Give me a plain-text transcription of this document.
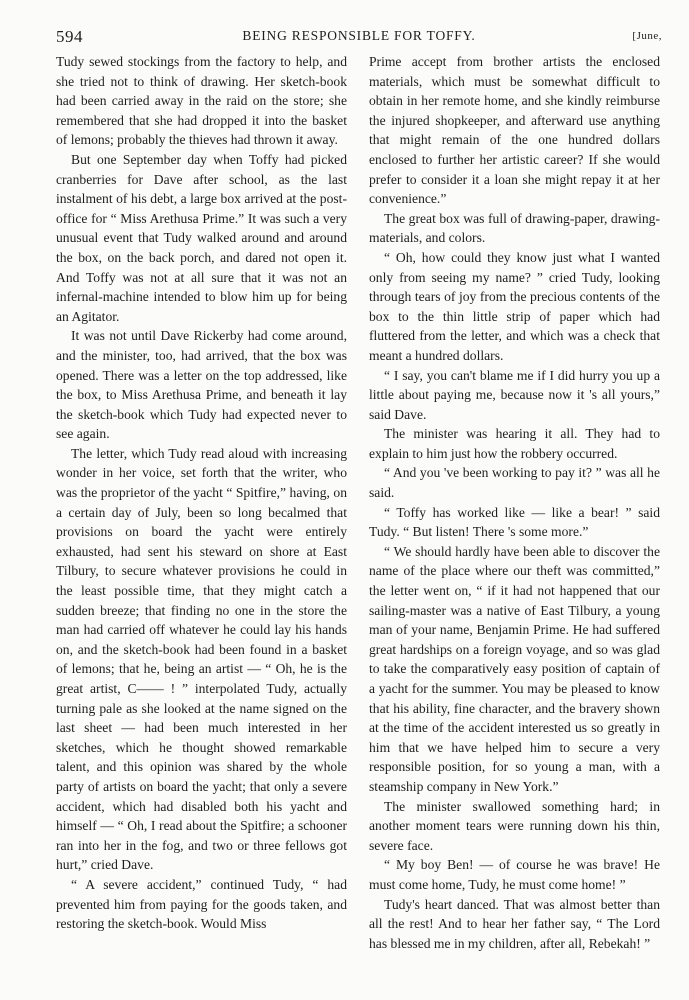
594	BEING RESPONSIBLE FOR TOFFY.	[June,

Tudy sewed stockings from the factory to help, and she tried not to think of drawing. Her sketch-book had been carried away in the raid on the store; she remembered that she had dropped it into the basket of lemons; probably the thieves had thrown it away.

But one September day when Toffy had picked cranberries for Dave after school, as the last instalment of his debt, a large box arrived at the post-office for “ Miss Arethusa Prime.” It was such a very unusual event that Tudy walked around and around the box, on the back porch, and dared not open it. And Toffy was not at all sure that it was not an infernal-machine intended to blow him up for being an Agitator.

It was not until Dave Rickerby had come around, and the minister, too, had arrived, that the box was opened. There was a letter on the top addressed, like the box, to Miss Arethusa Prime, and beneath it lay the sketch-book which Tudy had expected never to see again.

The letter, which Tudy read aloud with increasing wonder in her voice, set forth that the writer, who was the proprietor of the yacht “ Spitfire,” having, on a certain day of July, been so long becalmed that provisions on board the yacht were entirely exhausted, had sent his steward on shore at East Tilbury, to secure whatever provisions he could in the least possible time, that they might catch a sudden breeze; that finding no one in the store the man had carried off whatever he could lay his hands on, and the sketch-book had been found in a basket of lemons; that he, being an artist — “ Oh, he is the great artist, C—— ! ” interpolated Tudy, actually turning pale as she looked at the name signed on the last sheet — had been much interested in her sketches, which he thought showed remarkable talent, and this opinion was shared by the whole party of artists on board the yacht; that only a severe accident, which had disabled both his yacht and himself — “ Oh, I read about the Spitfire; a schooner ran into her in the fog, and two or three fellows got hurt,” cried Dave.

“ A severe accident,” continued Tudy, “ had prevented him from paying for the goods taken, and restoring the sketch-book. Would Miss

Prime accept from brother artists the enclosed materials, which must be somewhat difficult to obtain in her remote home, and she kindly reimburse the injured shopkeeper, and afterward use anything that might remain of the one hundred dollars enclosed to further her artistic career? If she would prefer to consider it a loan she might repay it at her convenience.”

The great box was full of drawing-paper, drawing-materials, and colors.

“ Oh, how could they know just what I wanted only from seeing my name? ” cried Tudy, looking through tears of joy from the precious contents of the box to the thin little strip of paper which had fluttered from the letter, and which was a check that meant a hundred dollars.

“ I say, you can't blame me if I did hurry you up a little about paying me, because now it 's all yours,” said Dave.

The minister was hearing it all. They had to explain to him just how the robbery occurred.

“ And you 've been working to pay it? ” was all he said.

“ Toffy has worked like — like a bear! ” said Tudy. “ But listen! There 's some more.”

“ We should hardly have been able to discover the name of the place where our theft was committed,” the letter went on, “ if it had not happened that our sailing-master was a native of East Tilbury, a young man of your name, Benjamin Prime. He had suffered great hardships on a foreign voyage, and so was glad to take the comparatively easy position of captain of a yacht for the summer. You may be pleased to know that his ability, fine character, and the bravery shown at the time of the accident interested us so greatly in him that we have helped him to secure a very responsible position, for so young a man, with a steamship company in New York.”

The minister swallowed something hard; in another moment tears were running down his thin, severe face.

“ My boy Ben! — of course he was brave! He must come home, Tudy, he must come home! ”

Tudy's heart danced. That was almost better than all the rest! And to hear her father say, “ The Lord has blessed me in my children, after all, Rebekah! ”
